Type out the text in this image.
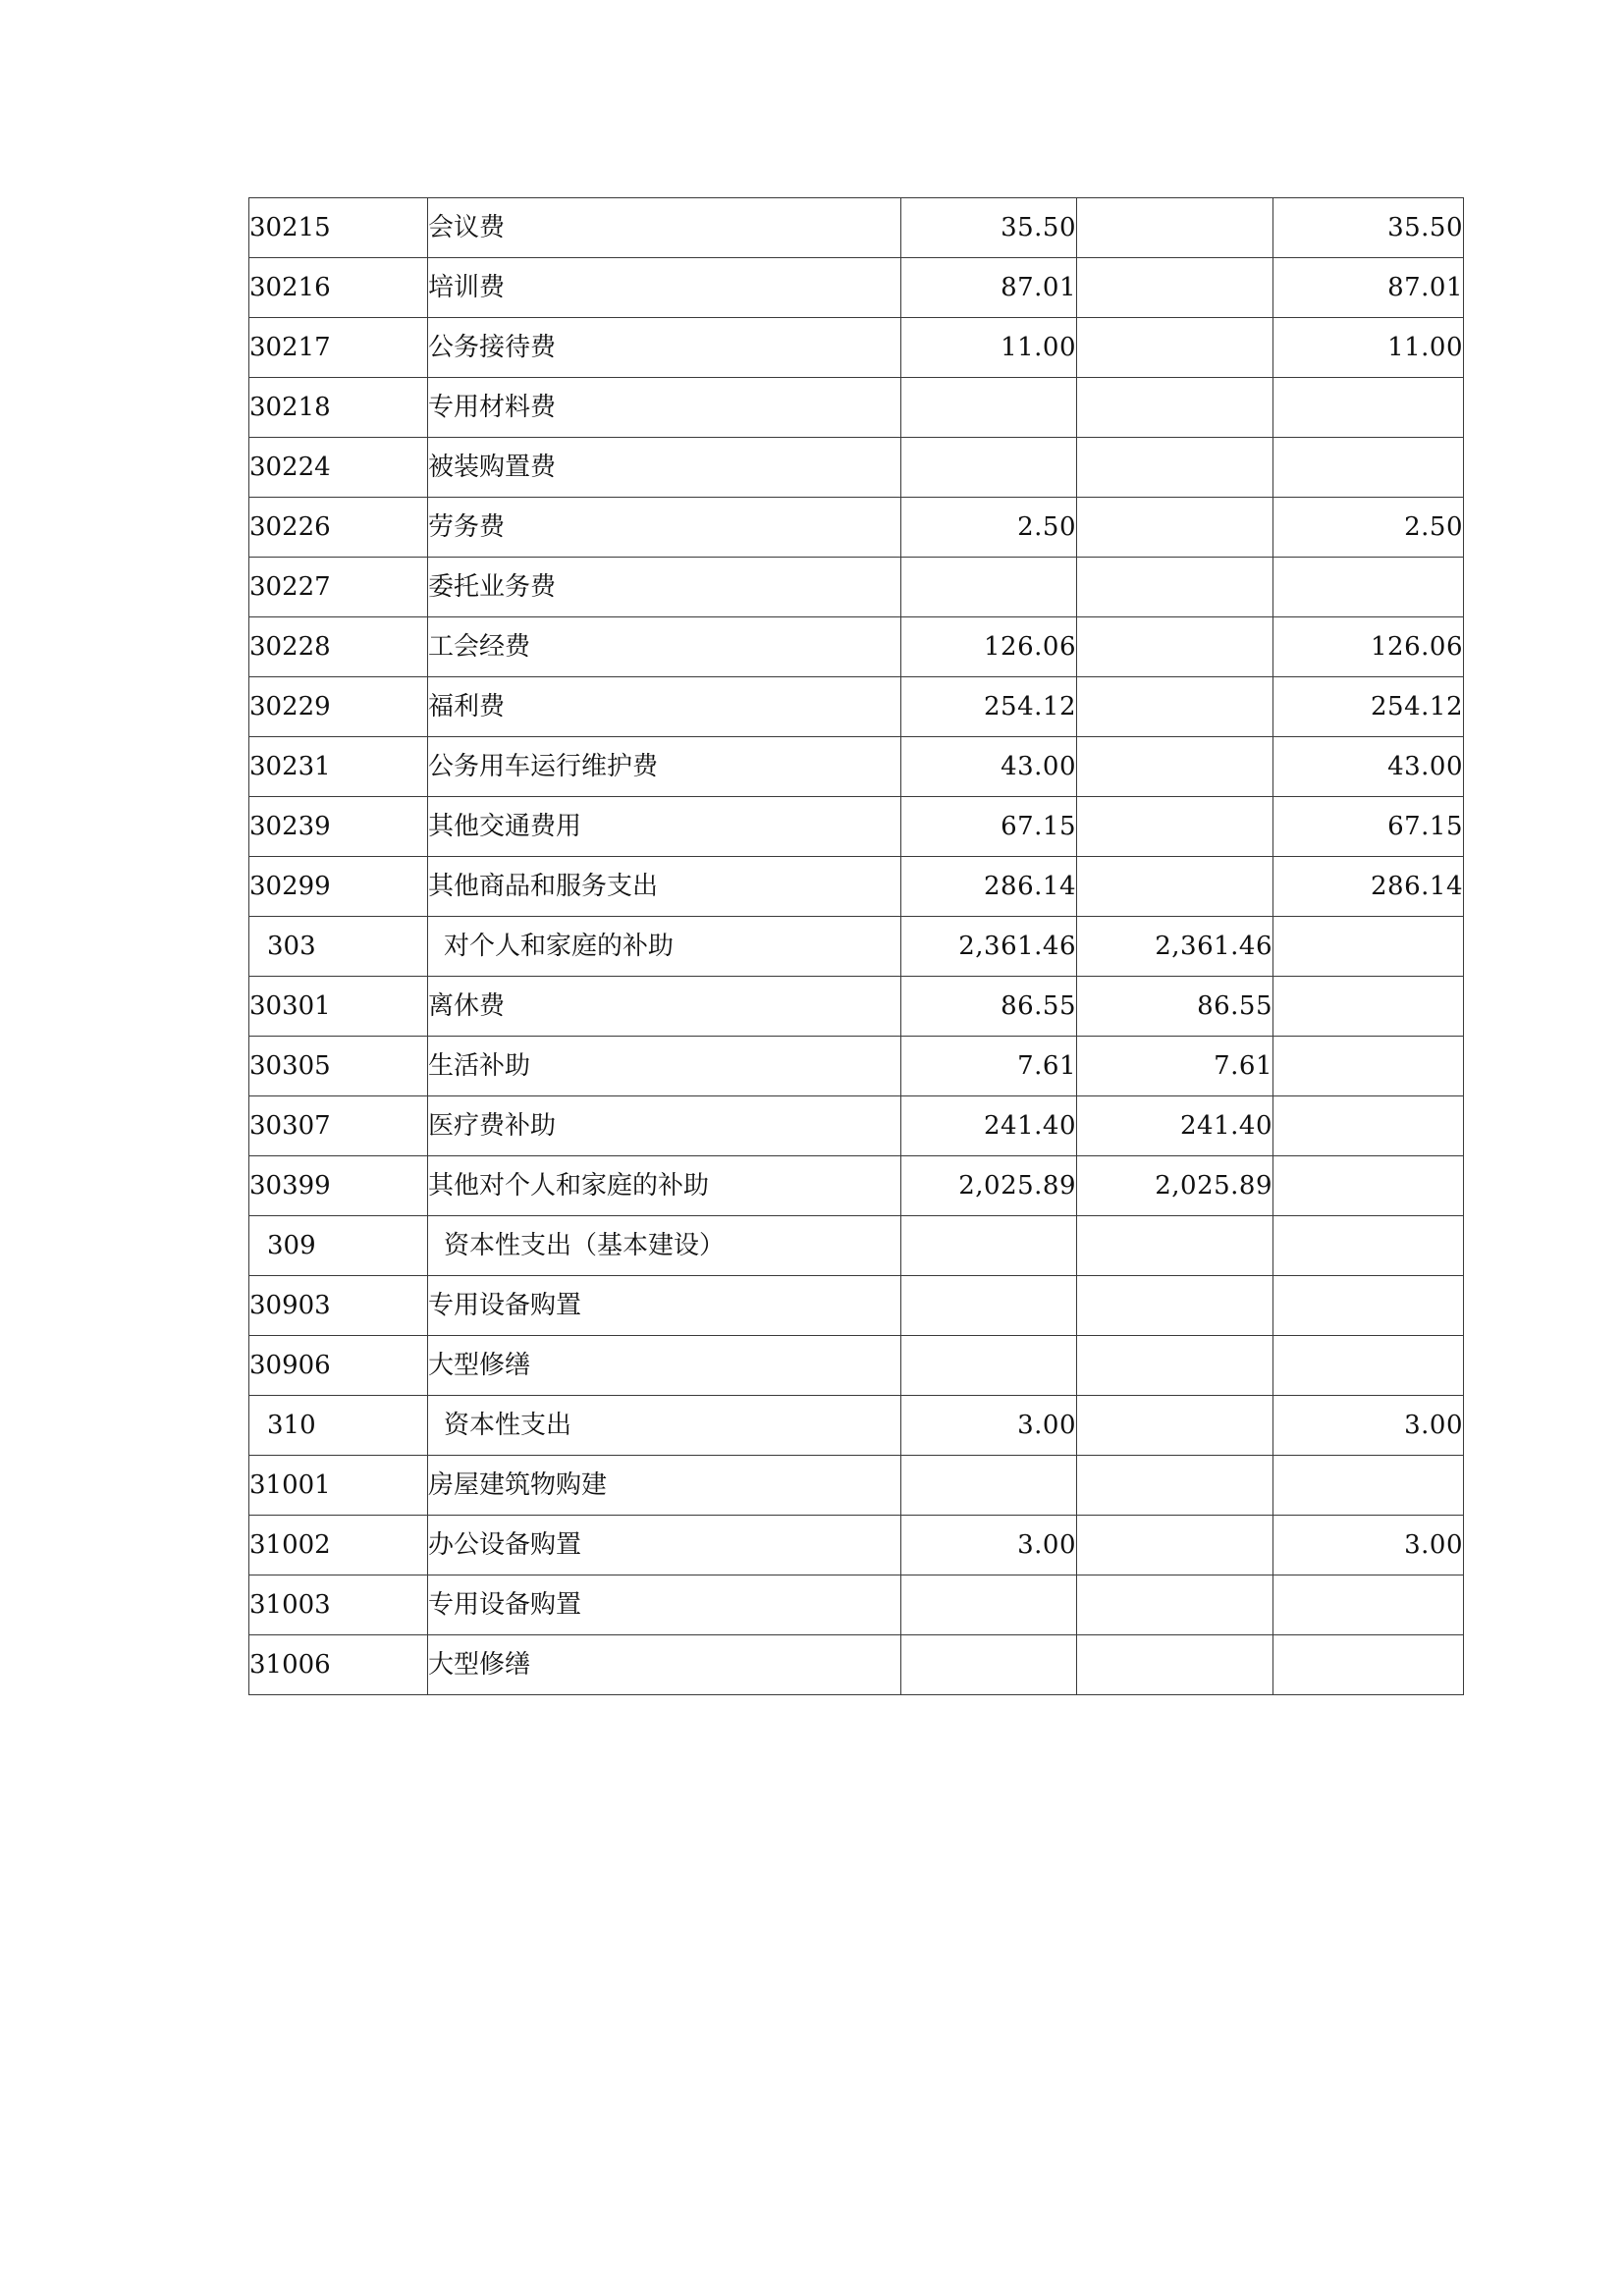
30215	会议费	35.50		35.50
30216	培训费	87.01		87.01
30217	公务接待费	11.00		11.00
30218	专用材料费			
30224	被装购置费			
30226	劳务费	2.50		2.50
30227	委托业务费			
30228	工会经费	126.06		126.06
30229	福利费	254.12		254.12
30231	公务用车运行维护费	43.00		43.00
30239	其他交通费用	67.15		67.15
30299	其他商品和服务支出	286.14		286.14
303	对个人和家庭的补助	2,361.46	2,361.46	
30301	离休费	86.55	86.55	
30305	生活补助	7.61	7.61	
30307	医疗费补助	241.40	241.40	
30399	其他对个人和家庭的补助	2,025.89	2,025.89	
309	资本性支出（基本建设）			
30903	专用设备购置			
30906	大型修缮			
310	资本性支出	3.00		3.00
31001	房屋建筑物购建			
31002	办公设备购置	3.00		3.00
31003	专用设备购置			
31006	大型修缮			
